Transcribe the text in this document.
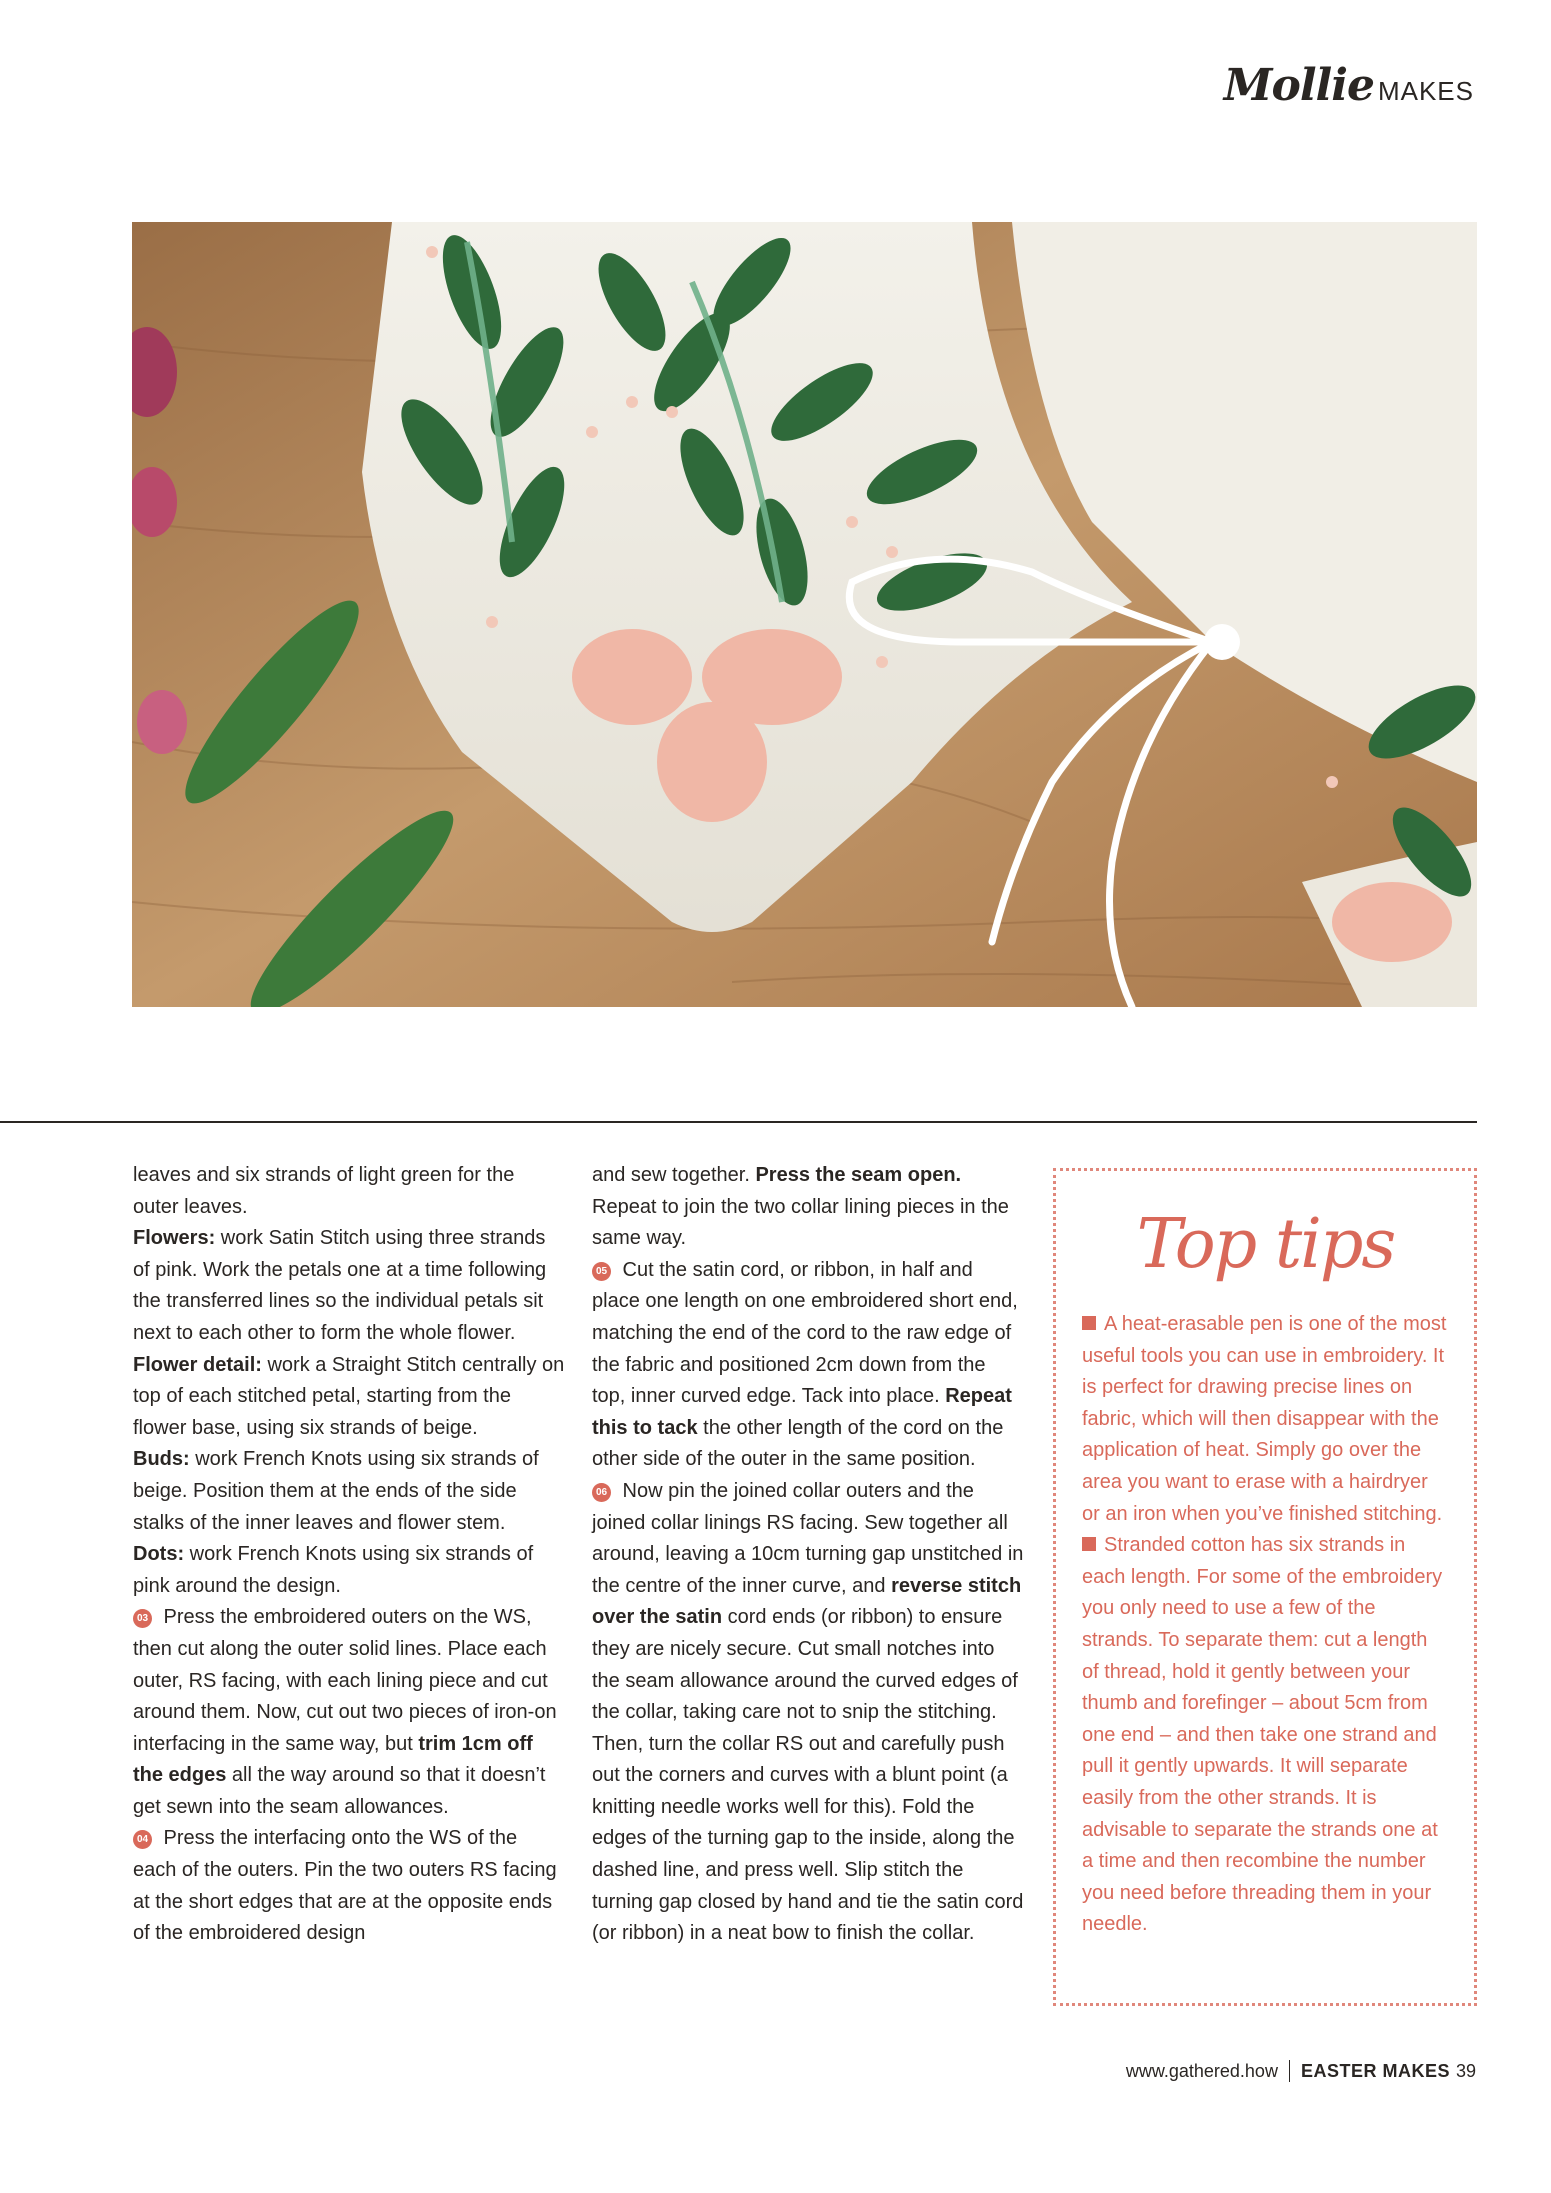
Mollie MAKES

leaves and six strands of light green for the outer leaves.

Flowers: work Satin Stitch using three strands of pink. Work the petals one at a time following the transferred lines so the individual petals sit next to each other to form the whole flower.

Flower detail: work a Straight Stitch centrally on top of each stitched petal, starting from the flower base, using six strands of beige.

Buds: work French Knots using six strands of beige. Position them at the ends of the side stalks of the inner leaves and flower stem.

Dots: work French Knots using six strands of pink around the design.

03 Press the embroidered outers on the WS, then cut along the outer solid lines. Place each outer, RS facing, with each lining piece and cut around them. Now, cut out two pieces of iron-on interfacing in the same way, but trim 1cm off the edges all the way around so that it doesn’t get sewn into the seam allowances.

04 Press the interfacing onto the WS of the each of the outers. Pin the two outers RS facing at the short edges that are at the opposite ends of the embroidered design

and sew together. Press the seam open. Repeat to join the two collar lining pieces in the same way.

05 Cut the satin cord, or ribbon, in half and place one length on one embroidered short end, matching the end of the cord to the raw edge of the fabric and positioned 2cm down from the top, inner curved edge. Tack into place. Repeat this to tack the other length of the cord on the other side of the outer in the same position.

06 Now pin the joined collar outers and the joined collar linings RS facing. Sew together all around, leaving a 10cm turning gap unstitched in the centre of the inner curve, and reverse stitch over the satin cord ends (or ribbon) to ensure they are nicely secure. Cut small notches into the seam allowance around the curved edges of the collar, taking care not to snip the stitching. Then, turn the collar RS out and carefully push out the corners and curves with a blunt point (a knitting needle works well for this). Fold the edges of the turning gap to the inside, along the dashed line, and press well. Slip stitch the turning gap closed by hand and tie the satin cord (or ribbon) in a neat bow to finish the collar.

Top tips

A heat-erasable pen is one of the most useful tools you can use in embroidery. It is perfect for drawing precise lines on fabric, which will then disappear with the application of heat. Simply go over the area you want to erase with a hairdryer or an iron when you’ve finished stitching.

Stranded cotton has six strands in each length. For some of the embroidery you only need to use a few of the strands. To separate them: cut a length of thread, hold it gently between your thumb and forefinger – about 5cm from one end – and then take one strand and pull it gently upwards. It will separate easily from the other strands. It is advisable to separate the strands one at a time and then recombine the number you need before threading them in your needle.

www.gathered.how EASTER MAKES 39
